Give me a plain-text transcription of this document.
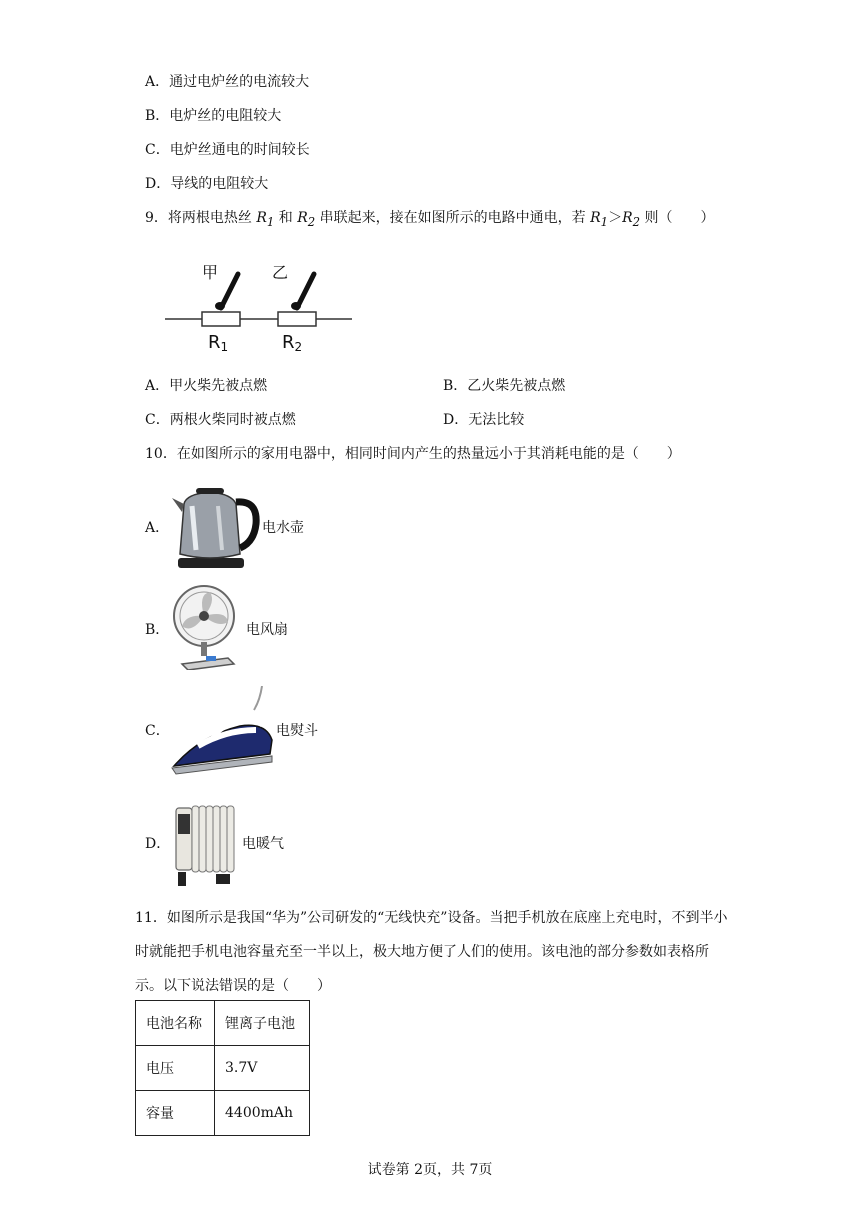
A．通过电炉丝的电流较大
B．电炉丝的电阻较大
C．电炉丝通电的时间较长
D．导线的电阻较大
9．将两根电热丝 $R_1$ 和 $R_2$ 串联起来，接在如图所示的电路中通电，若 $R_1>R_2$ 则（　　）
甲	乙
R1	R2
A．甲火柴先被点燃	B．乙火柴先被点燃
C．两根火柴同时被点燃	D．无法比较
10．在如图所示的家用电器中，相同时间内产生的热量远小于其消耗电能的是（　　）
A．	电水壶
B．	电风扇
C．	电熨斗
D．	电暖气
11．如图所示是我国“华为”公司研发的“无线快充”设备。当把手机放在底座上充电时，不到半小时就能把手机电池容量充至一半以上，极大地方便了人们的使用。该电池的部分参数如表格所示。以下说法错误的是（　　）
电池名称	锂离子电池
电压	3.7V
容量	4400mAh
试卷第 2页，共 7页
